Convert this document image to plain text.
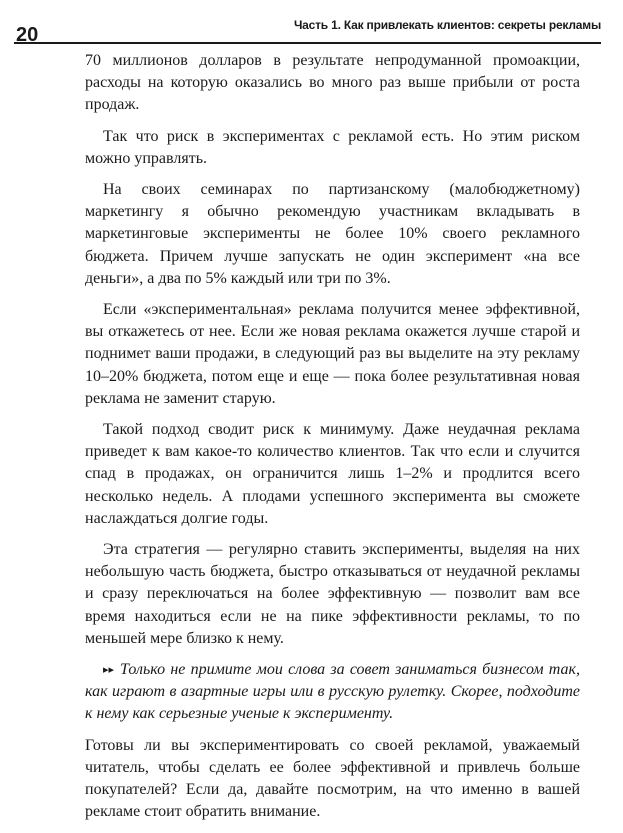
20	Часть 1. Как привлекать клиентов: секреты рекламы

70 миллионов долларов в результате непродуманной промоакции, расходы на которую оказались во много раз выше прибыли от роста продаж.

Так что риск в экспериментах с рекламой есть. Но этим риском можно управлять.

На своих семинарах по партизанскому (малобюджетному) маркетингу я обычно рекомендую участникам вкладывать в маркетинговые эксперименты не более 10% своего рекламного бюджета. Причем лучше запускать не один эксперимент «на все деньги», а два по 5% каждый или три по 3%.

Если «экспериментальная» реклама получится менее эффективной, вы откажетесь от нее. Если же новая реклама окажется лучше старой и поднимет ваши продажи, в следующий раз вы выделите на эту рекламу 10–20% бюджета, потом еще и еще — пока более результативная новая реклама не заменит старую.

Такой подход сводит риск к минимуму. Даже неудачная реклама приведет к вам какое-то количество клиентов. Так что если и случится спад в продажах, он ограничится лишь 1–2% и продлится всего несколько недель. А плодами успешного эксперимента вы сможете наслаждаться долгие годы.

Эта стратегия — регулярно ставить эксперименты, выделяя на них небольшую часть бюджета, быстро отказываться от неудачной рекламы и сразу переключаться на более эффективную — позволит вам все время находиться если не на пике эффективности рекламы, то по меньшей мере близко к нему.

▸▸ Только не примите мои слова за совет заниматься бизнесом так, как играют в азартные игры или в русскую рулетку. Скорее, подходите к нему как серьезные ученые к эксперименту.

Готовы ли вы экспериментировать со своей рекламой, уважаемый читатель, чтобы сделать ее более эффективной и привлечь больше покупателей? Если да, давайте посмотрим, на что именно в вашей рекламе стоит обратить внимание.
